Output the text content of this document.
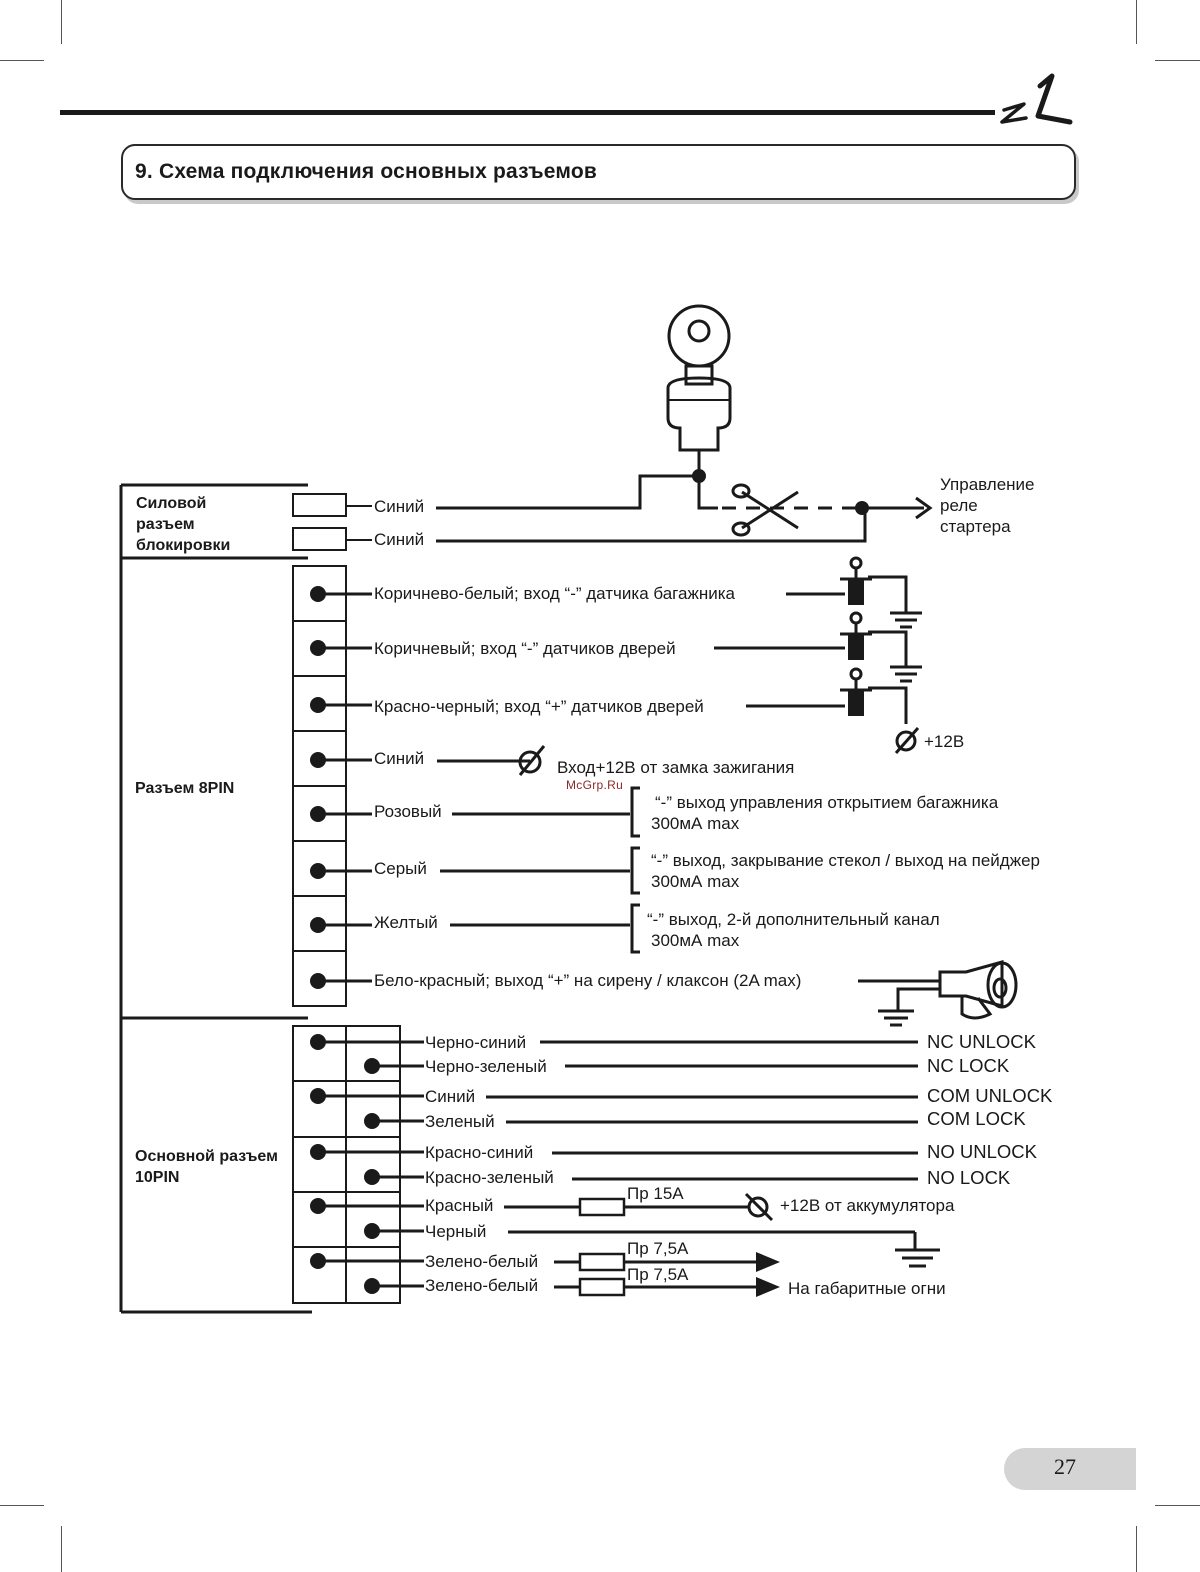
9. Схема подключения основных разъемов
McGrp.Ru
Силовой
разъем
блокировки
Разъем 8PIN
Основной разъем
10PIN
Синий
Синий
Управление
реле
стартера
Коричнево-белый; вход “-” датчика багажника
Коричневый; вход “-” датчиков дверей
Красно-черный; вход “+” датчиков дверей
Синий
Розовый
Серый
Желтый
Бело-красный; выход “+” на сирену / клаксон (2A max)
+12В
Вход+12В от замка зажигания
“-” выход управления открытием багажника
300мА max
“-” выход, закрывание стекол / выход на пейджер
300мА max
“-” выход, 2-й дополнительный канал
300мА max
Черно-синий
Черно-зеленый
Синий
Зеленый
Красно-синий
Красно-зеленый
Красный
Черный
Зелено-белый
Зелено-белый
NC UNLOCK
NC LOCK
COM UNLOCK
COM LOCK
NO UNLOCK
NO LOCK
Пр 15А
+12В от аккумулятора
Пр 7,5А
Пр 7,5А
На габаритные огни
27
